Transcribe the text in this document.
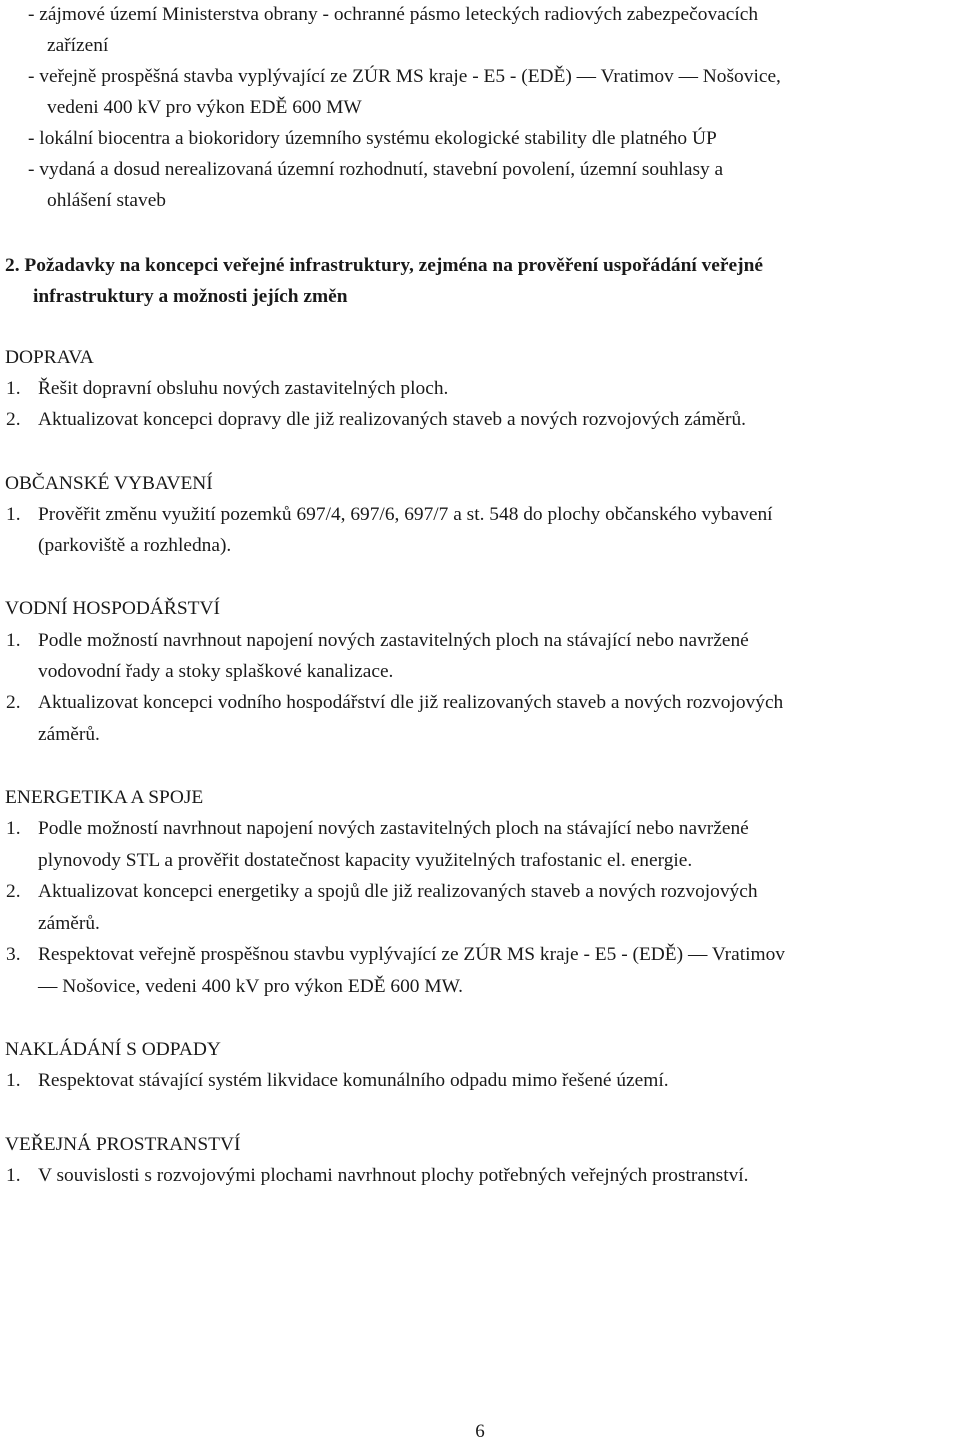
- zájmové území Ministerstva obrany - ochranné pásmo leteckých radiových zabezpečovacích
zařízení
- veřejně prospěšná stavba vyplývající ze ZÚR MS kraje - E5 - (EDĚ) — Vratimov — Nošovice,
vedeni 400 kV pro výkon EDĚ 600 MW
- lokální biocentra a biokoridory územního systému ekologické stability dle platného ÚP
- vydaná a dosud nerealizovaná územní rozhodnutí, stavební povolení, územní souhlasy a
ohlášení staveb
2. Požadavky na koncepci veřejné infrastruktury, zejména na prověření uspořádání veřejné
infrastruktury a možnosti jejích změn
DOPRAVA
1. Řešit dopravní obsluhu nových zastavitelných ploch.
2. Aktualizovat koncepci dopravy dle již realizovaných staveb a nových rozvojových záměrů.
OBČANSKÉ VYBAVENÍ
1. Prověřit změnu využití pozemků 697/4, 697/6, 697/7 a st. 548 do plochy občanského vybavení
(parkoviště a rozhledna).
VODNÍ HOSPODÁŘSTVÍ
1. Podle možností navrhnout napojení nových zastavitelných ploch na stávající nebo navržené
vodovodní řady a stoky splaškové kanalizace.
2. Aktualizovat koncepci vodního hospodářství dle již realizovaných staveb a nových rozvojových
záměrů.
ENERGETIKA A SPOJE
1. Podle možností navrhnout napojení nových zastavitelných ploch na stávající nebo navržené
plynovody STL a prověřit dostatečnost kapacity využitelných trafostanic el. energie.
2. Aktualizovat koncepci energetiky a spojů dle již realizovaných staveb a nových rozvojových
záměrů.
3. Respektovat veřejně prospěšnou stavbu vyplývající ze ZÚR MS kraje - E5 - (EDĚ) — Vratimov
— Nošovice, vedeni 400 kV pro výkon EDĚ 600 MW.
NAKLÁDÁNÍ S ODPADY
1. Respektovat stávající systém likvidace komunálního odpadu mimo řešené území.
VEŘEJNÁ PROSTRANSTVÍ
1. V souvislosti s rozvojovými plochami navrhnout plochy potřebných veřejných prostranství.
6
